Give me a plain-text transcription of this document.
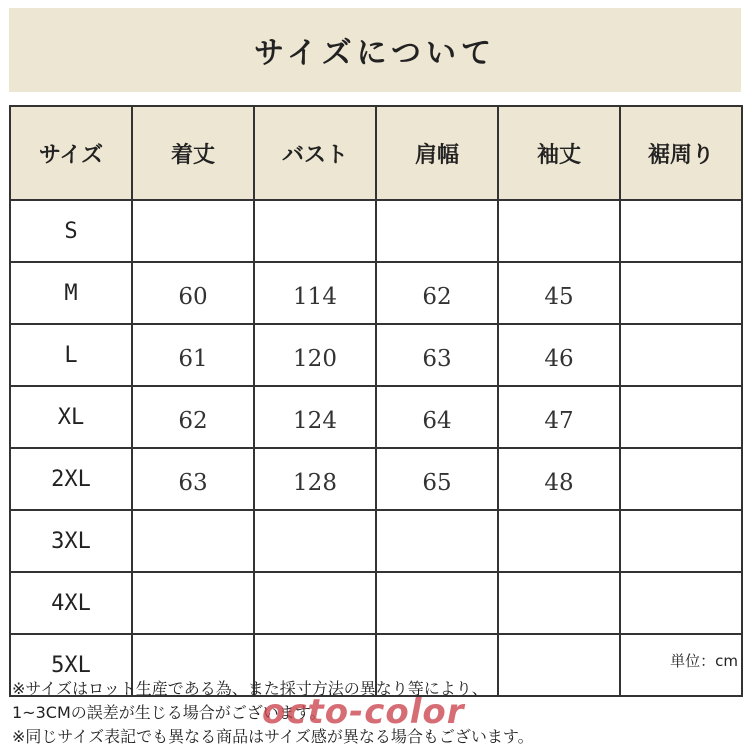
サイズについて
サイズ	着丈	バスト	肩幅	袖丈	裾周り
S					
M	60	114	62	45	
L	61	120	63	46	
XL	62	124	64	47	
2XL	63	128	65	48	
3XL					
4XL					
5XL						単位：cm
※サイズはロット生産である為、また採寸方法の異なり等により、
1~3CMの誤差が生じる場合がございます。
※同じサイズ表記でも異なる商品はサイズ感が異なる場合もございます。
octo-color
